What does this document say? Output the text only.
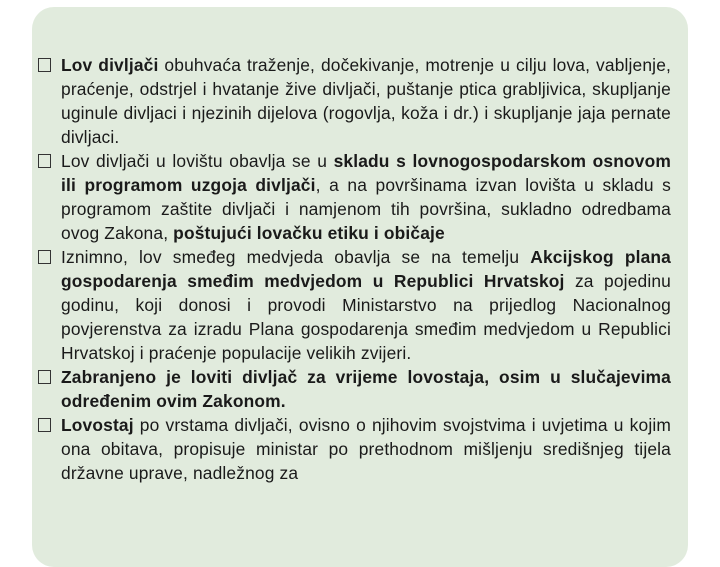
Lov divljači obuhvaća traženje, dočekivanje, motrenje u cilju lova, vabljenje, praćenje, odstrjel i hvatanje žive divljači, puštanje ptica grabljivica, skupljanje uginule divljaci i njezinih dijelova (rogovlja, koža i dr.) i skupljanje jaja pernate divljaci.
Lov divljači u lovištu obavlja se u skladu s lovnogospodarskom osnovom ili programom uzgoja divljači, a na površinama izvan lovišta u skladu s programom zaštite divljači i namjenom tih površina, sukladno odredbama ovog Zakona, poštujući lovačku etiku i običaje
Iznimno, lov smeđeg medvjeda obavlja se na temelju Akcijskog plana gospodarenja smeđim medvjedom u Republici Hrvatskoj za pojedinu godinu, koji donosi i provodi Ministarstvo na prijedlog Nacionalnog povjerenstva za izradu Plana gospodarenja smeđim medvjedom u Republici Hrvatskoj i praćenje populacije velikih zvijeri.
Zabranjeno je loviti divljač za vrijeme lovostaja, osim u slučajevima određenim ovim Zakonom.
Lovostaj po vrstama divljači, ovisno o njihovim svojstvima i uvjetima u kojim ona obitava, propisuje ministar po prethodnom mišljenju središnjeg tijela državne uprave, nadležnog za
